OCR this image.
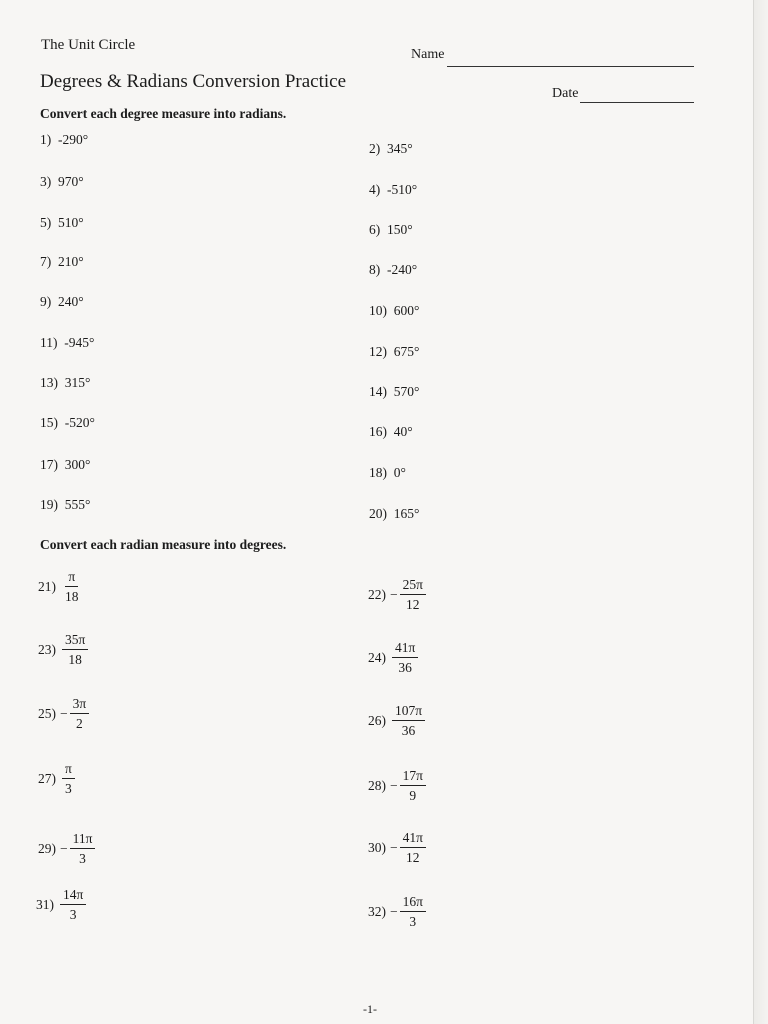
The Unit Circle
Degrees & Radians Conversion Practice
Name
Date
Convert each degree measure into radians.
1) -290°
2) 345°
3) 970°
4) -510°
5) 510°	6) 150°
7) 210°
8) -240°
9) 240°
10) 600°
11) -945°
12) 675°
13) 315°
14) 570°
15) -520°
16) 40°
17) 300°
18) 0°
19) 555°
20) 165°
Convert each radian measure into degrees.
$21) \frac{\pi}{18}$	$22) - \frac{25\pi}{12}$
$23) \frac{35\pi}{18}$	$24) \frac{41\pi}{36}$
$25) - \frac{3\pi}{2}$	$26) \frac{107\pi}{36}$
$27) \frac{\pi}{3}$	$28) - \frac{17\pi}{9}$
$29) - \frac{11\pi}{3}$	$30) - \frac{41\pi}{12}$
$31) \frac{14\pi}{3}$	$32) - \frac{16\pi}{3}$
-1-
